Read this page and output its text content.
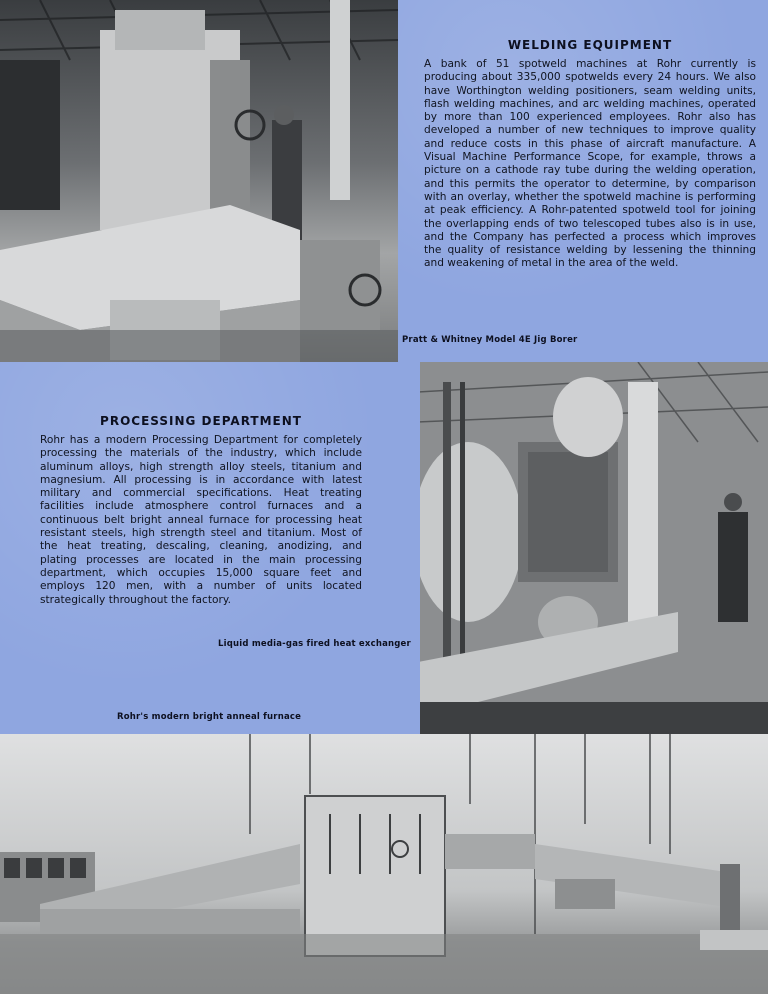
WELDING EQUIPMENT

A bank of 51 spotweld machines at Rohr currently is producing about 335,000 spotwelds every 24 hours. We also have Worthington welding positioners, seam welding units, flash welding machines, and arc welding machines, operated by more than 100 experienced employees. Rohr also has developed a number of new techniques to improve quality and reduce costs in this phase of aircraft manufacture. A Visual Machine Performance Scope, for example, throws a picture on a cathode ray tube during the welding operation, and this permits the operator to determine, by comparison with an overlay, whether the spotweld machine is performing at peak efficiency. A Rohr-patented spotweld tool for joining the overlapping ends of two telescoped tubes also is in use, and the Company has perfected a process which improves the quality of resistance welding by lessening the thinning and weakening of metal in the area of the weld.

Pratt & Whitney Model 4E Jig Borer
PROCESSING DEPARTMENT

Rohr has a modern Processing Department for completely processing the materials of the industry, which include aluminum alloys, high strength alloy steels, titanium and magnesium. All processing is in accordance with latest military and commercial specifications. Heat treating facilities include atmosphere control furnaces and a continuous belt bright anneal furnace for processing heat resistant steels, high strength steel and titanium. Most of the heat treating, descaling, cleaning, anodizing, and plating processes are located in the main processing department, which occupies 15,000 square feet and employs 120 men, with a number of units located strategically throughout the factory.

Liquid media-gas fired heat exchanger
Rohr's modern bright anneal furnace
